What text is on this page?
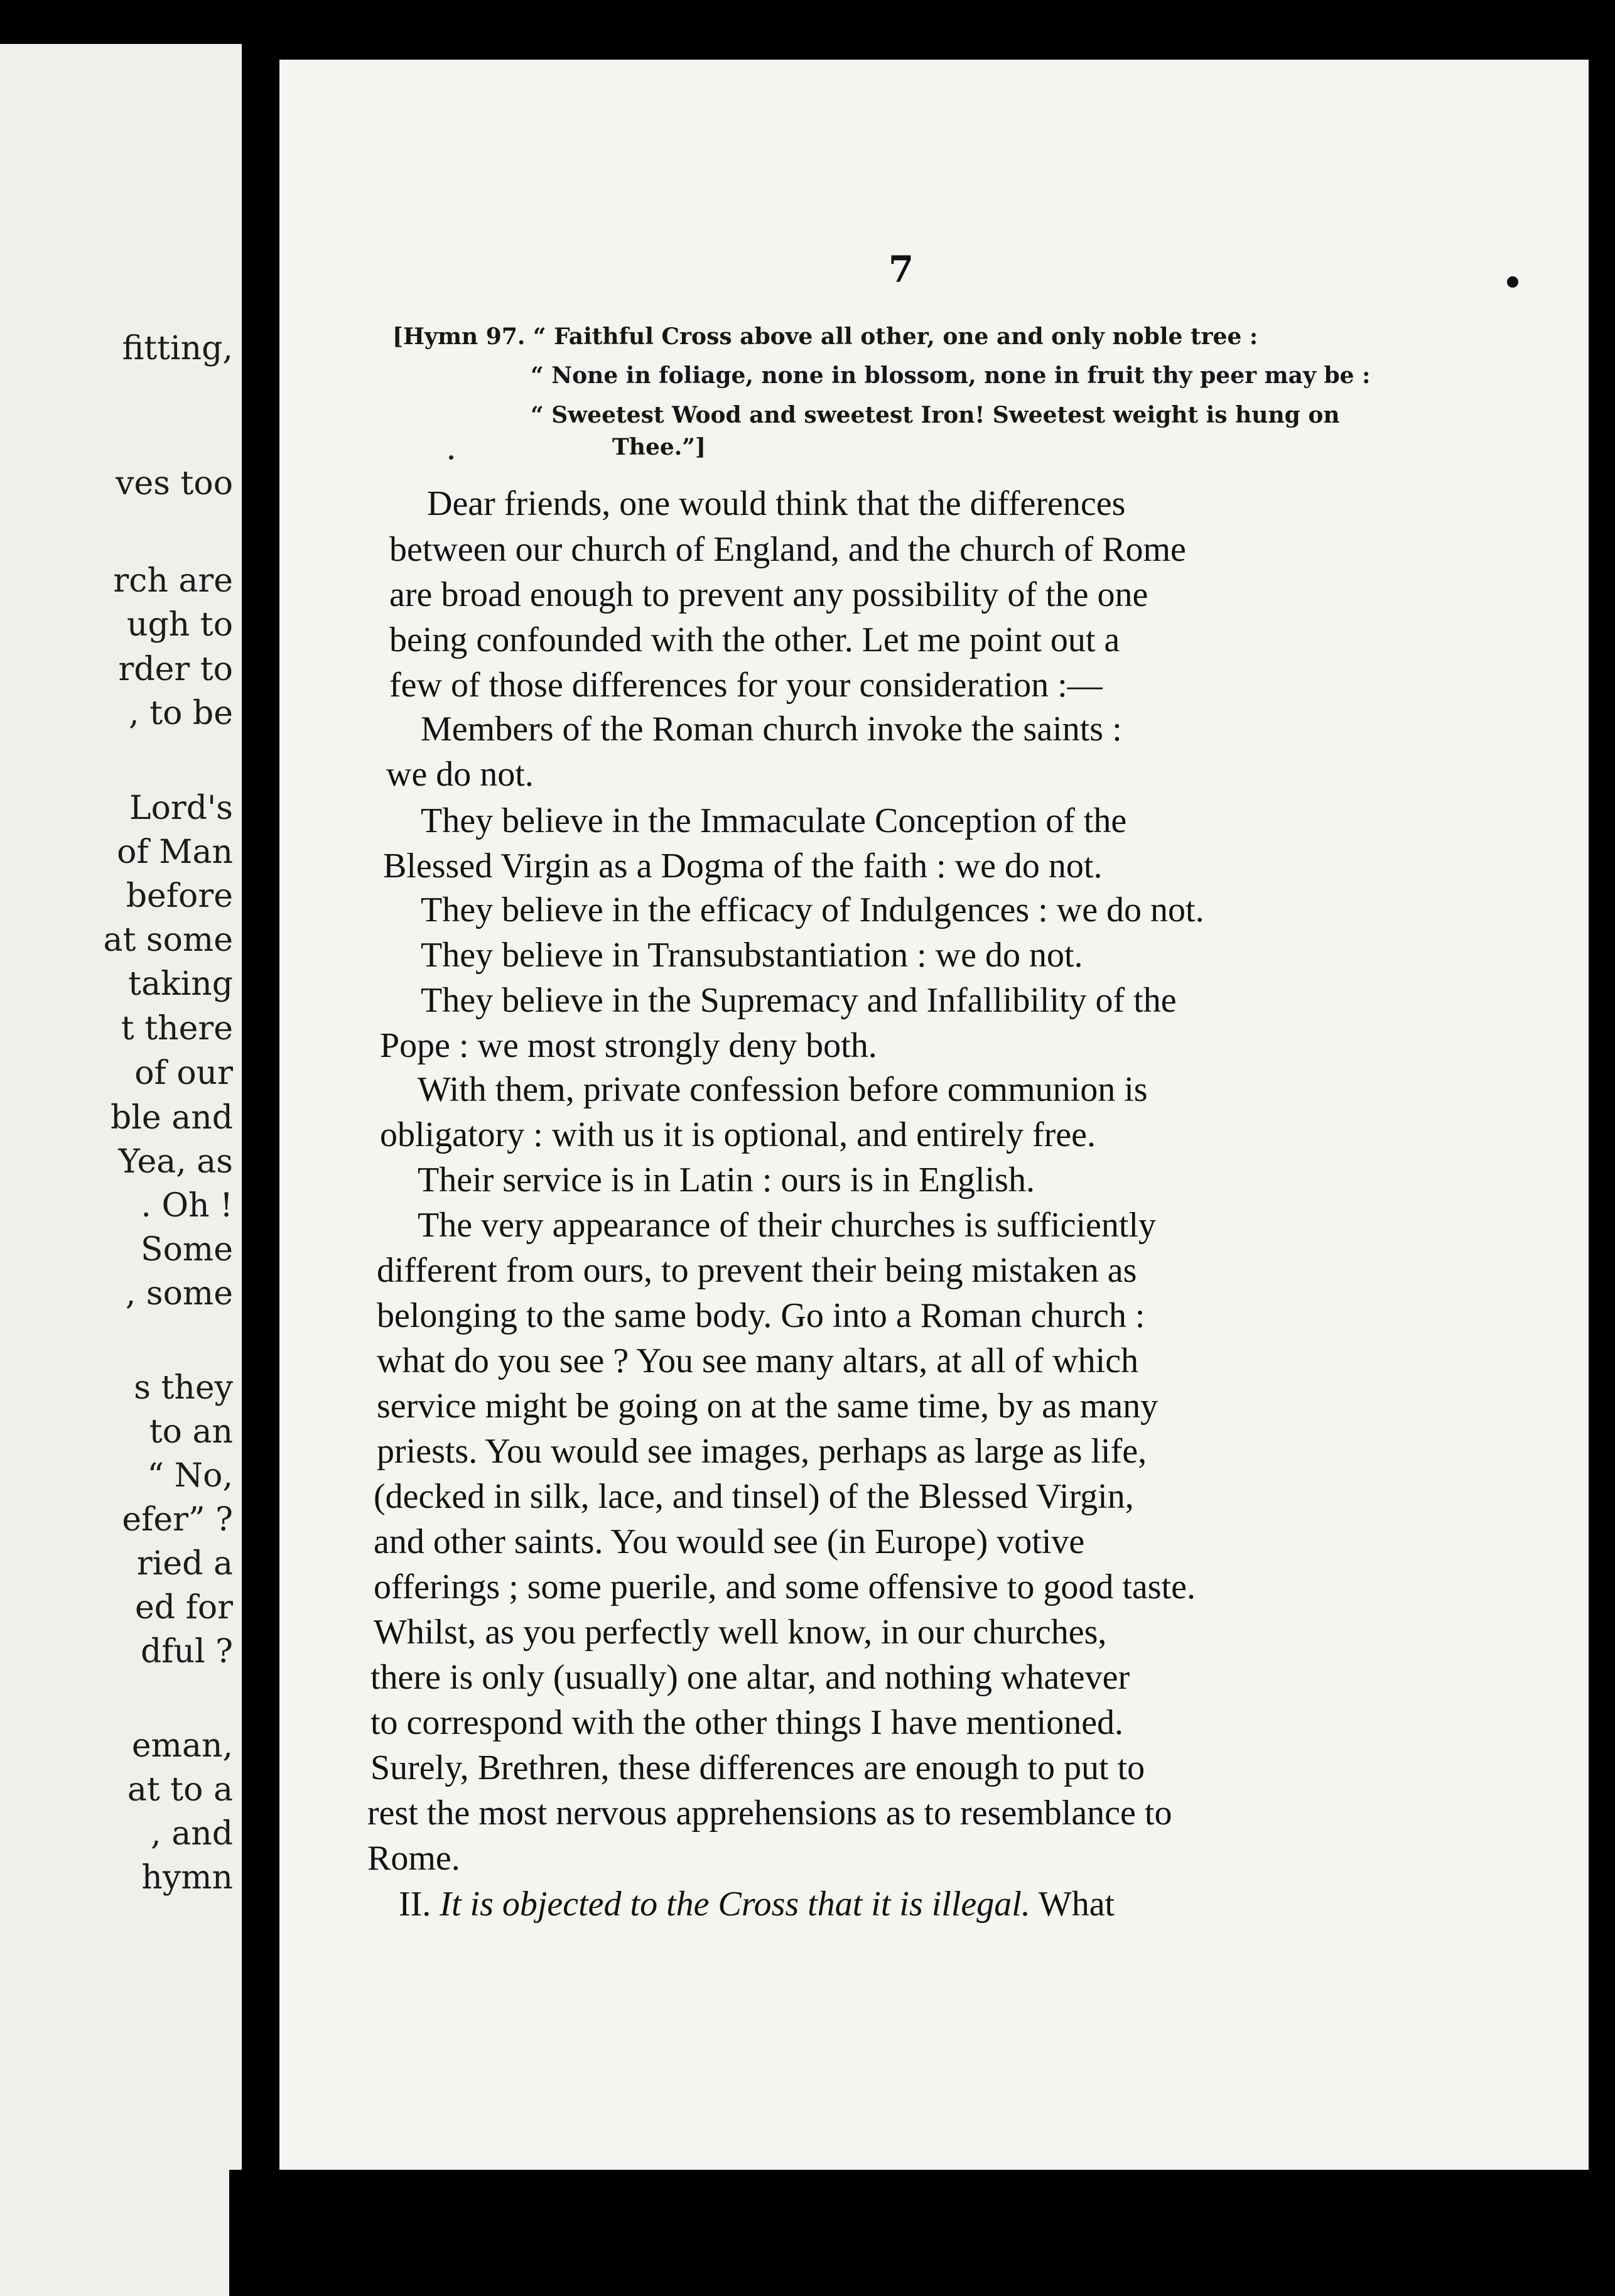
fitting,
ves too
rch are
ugh to
rder to
, to be
Lord's
of Man
before
at some
taking
t there
of our
ble and
Yea, as
. Oh !
Some
, some
s they
to an
“ No,
efer” ?
ried a
ed for
dful ?
eman,
at to a
, and
hymn
7
[Hymn 97. “ Faithful Cross above all other, one and only noble tree :
“ None in foliage, none in blossom, none in fruit thy peer may be :
“ Sweetest Wood and sweetest Iron! Sweetest weight is hung on
Thee.”]
Dear friends, one would think that the differences
between our church of England, and the church of Rome
are broad enough to prevent any possibility of the one
being confounded with the other. Let me point out a
few of those differences for your consideration :—
Members of the Roman church invoke the saints :
we do not.
They believe in the Immaculate Conception of the
Blessed Virgin as a Dogma of the faith : we do not.
They believe in the efficacy of Indulgences : we do not.
They believe in Transubstantiation : we do not.
They believe in the Supremacy and Infallibility of the
Pope : we most strongly deny both.
With them, private confession before communion is
obligatory : with us it is optional, and entirely free.
Their service is in Latin : ours is in English.
The very appearance of their churches is sufficiently
different from ours, to prevent their being mistaken as
belonging to the same body. Go into a Roman church :
what do you see ? You see many altars, at all of which
service might be going on at the same time, by as many
priests. You would see images, perhaps as large as life,
(decked in silk, lace, and tinsel) of the Blessed Virgin,
and other saints. You would see (in Europe) votive
offerings ; some puerile, and some offensive to good taste.
Whilst, as you perfectly well know, in our churches,
there is only (usually) one altar, and nothing whatever
to correspond with the other things I have mentioned.
Surely, Brethren, these differences are enough to put to
rest the most nervous apprehensions as to resemblance to
Rome.
II. It is objected to the Cross that it is illegal. What
